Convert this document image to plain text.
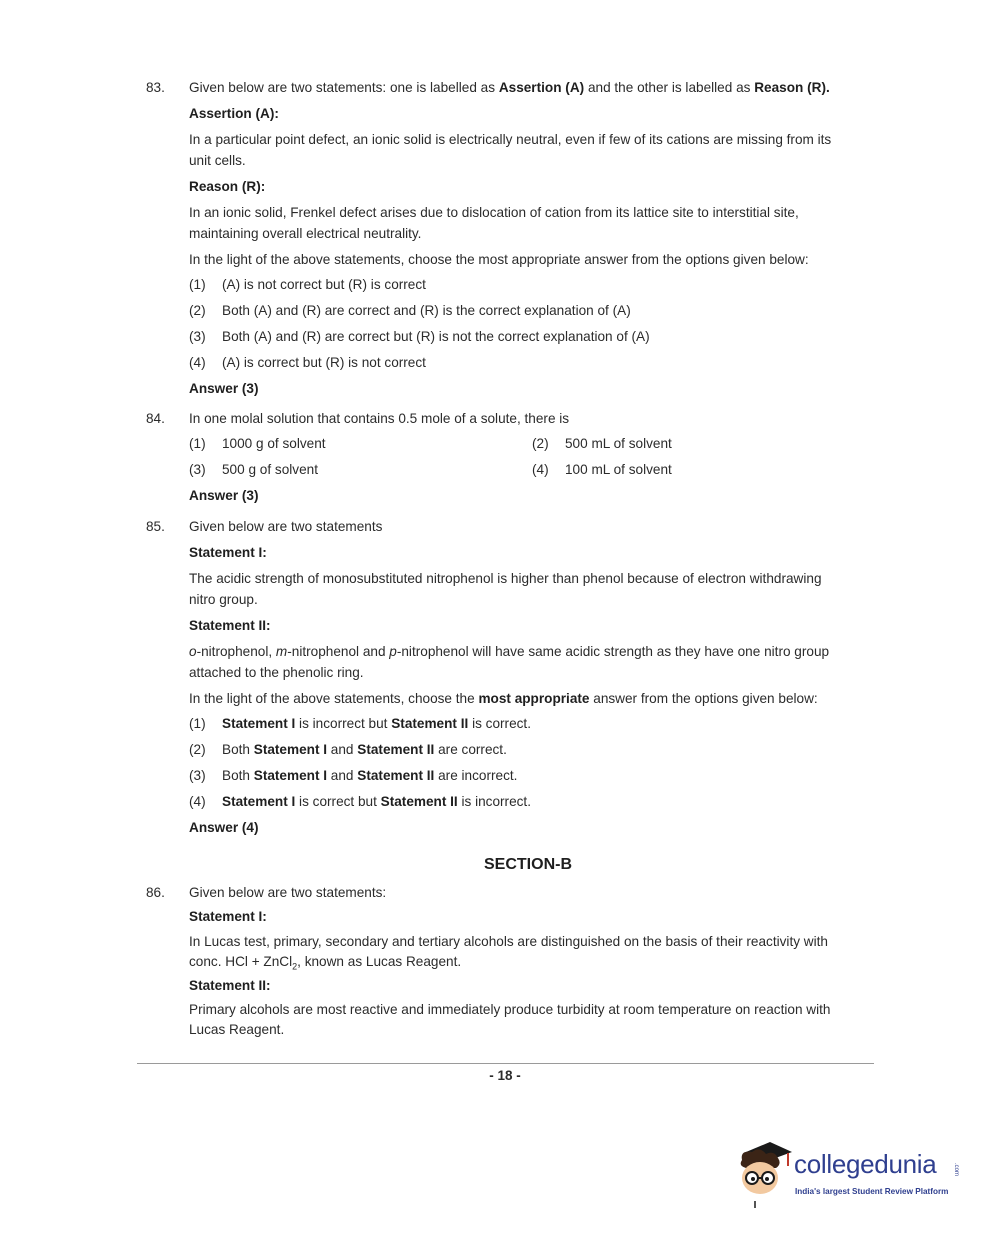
83. Given below are two statements: one is labelled as Assertion (A) and the other is labelled as Reason (R).
Assertion (A):
In a particular point defect, an ionic solid is electrically neutral, even if few of its cations are missing from its
unit cells.
Reason (R):
In an ionic solid, Frenkel defect arises due to dislocation of cation from its lattice site to interstitial site,
maintaining overall electrical neutrality.
In the light of the above statements, choose the most appropriate answer from the options given below:
(1) (A) is not correct but (R) is correct
(2) Both (A) and (R) are correct and (R) is the correct explanation of (A)
(3) Both (A) and (R) are correct but (R) is not the correct explanation of (A)
(4) (A) is correct but (R) is not correct
Answer (3)
84. In one molal solution that contains 0.5 mole of a solute, there is
(1) 1000 g of solvent	(2) 500 mL of solvent
(3) 500 g of solvent	(4) 100 mL of solvent
Answer (3)
85. Given below are two statements
Statement I:
The acidic strength of monosubstituted nitrophenol is higher than phenol because of electron withdrawing
nitro group.
Statement II:
o-nitrophenol, m-nitrophenol and p-nitrophenol will have same acidic strength as they have one nitro group
attached to the phenolic ring.
In the light of the above statements, choose the most appropriate answer from the options given below:
(1) Statement I is incorrect but Statement II is correct.
(2) Both Statement I and Statement II are correct.
(3) Both Statement I and Statement II are incorrect.
(4) Statement I is correct but Statement II is incorrect.
Answer (4)
SECTION-B
86. Given below are two statements:
Statement I:
In Lucas test, primary, secondary and tertiary alcohols are distinguished on the basis of their reactivity with
conc. HCl + ZnCl$_2$, known as Lucas Reagent.
Statement II:
Primary alcohols are most reactive and immediately produce turbidity at room temperature on reaction with
Lucas Reagent.
- 18 -
collegedunia	.com
India's largest Student Review Platform
